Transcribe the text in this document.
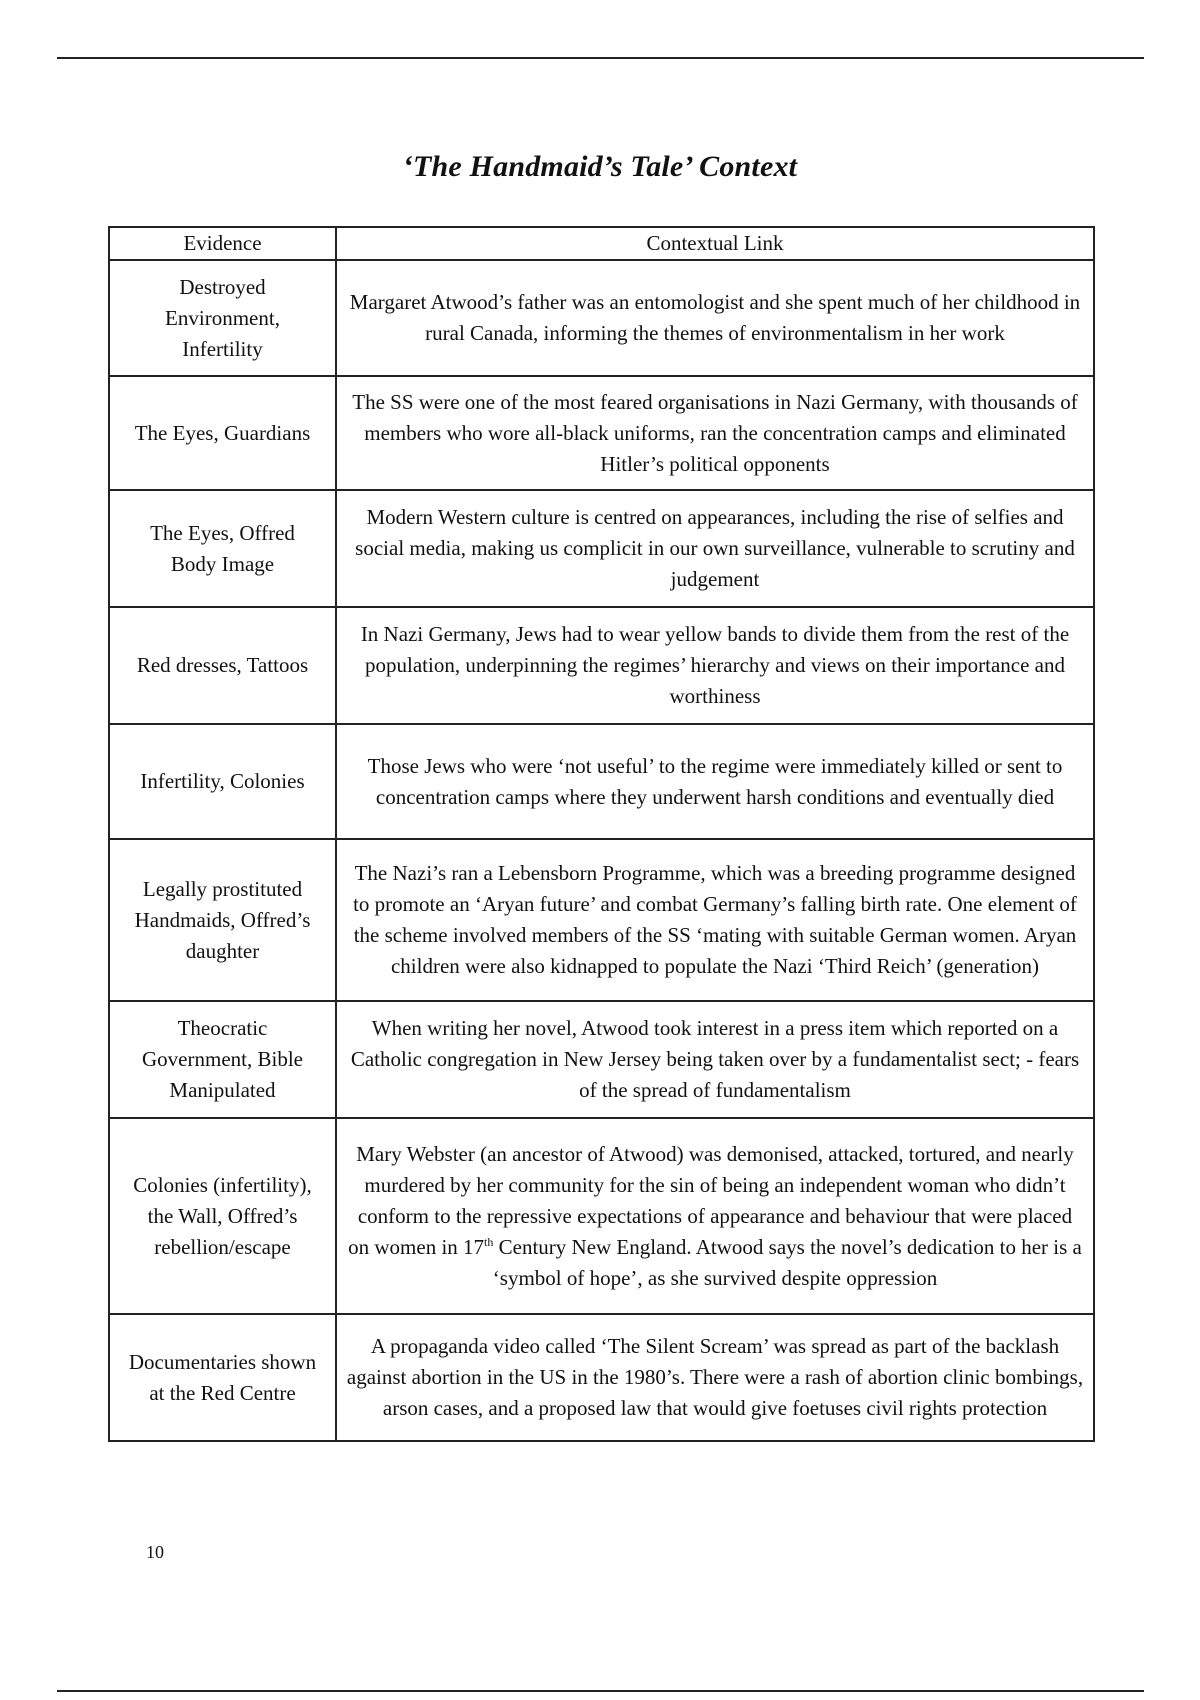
‘The Handmaid’s Tale’ Context
Evidence	Contextual Link
Destroyed Environment, Infertility	Margaret Atwood’s father was an entomologist and she spent much of her childhood in rural Canada, informing the themes of environmentalism in her work
The Eyes, Guardians	The SS were one of the most feared organisations in Nazi Germany, with thousands of members who wore all-black uniforms, ran the concentration camps and eliminated Hitler’s political opponents
The Eyes, Offred Body Image	Modern Western culture is centred on appearances, including the rise of selfies and social media, making us complicit in our own surveillance, vulnerable to scrutiny and judgement
Red dresses, Tattoos	In Nazi Germany, Jews had to wear yellow bands to divide them from the rest of the population, underpinning the regimes’ hierarchy and views on their importance and worthiness
Infertility, Colonies	Those Jews who were ‘not useful’ to the regime were immediately killed or sent to concentration camps where they underwent harsh conditions and eventually died
Legally prostituted Handmaids, Offred’s daughter	The Nazi’s ran a Lebensborn Programme, which was a breeding programme designed to promote an ‘Aryan future’ and combat Germany’s falling birth rate. One element of the scheme involved members of the SS ‘mating with suitable German women. Aryan children were also kidnapped to populate the Nazi ‘Third Reich’ (generation)
Theocratic Government, Bible Manipulated	When writing her novel, Atwood took interest in a press item which reported on a Catholic congregation in New Jersey being taken over by a fundamentalist sect; - fears of the spread of fundamentalism
Colonies (infertility), the Wall, Offred’s rebellion/escape	Mary Webster (an ancestor of Atwood) was demonised, attacked, tortured, and nearly murdered by her community for the sin of being an independent woman who didn’t conform to the repressive expectations of appearance and behaviour that were placed on women in 17th Century New England. Atwood says the novel’s dedication to her is a ‘symbol of hope’, as she survived despite oppression
Documentaries shown at the Red Centre	A propaganda video called ‘The Silent Scream’ was spread as part of the backlash against abortion in the US in the 1980’s. There were a rash of abortion clinic bombings, arson cases, and a proposed law that would give foetuses civil rights protection
10
